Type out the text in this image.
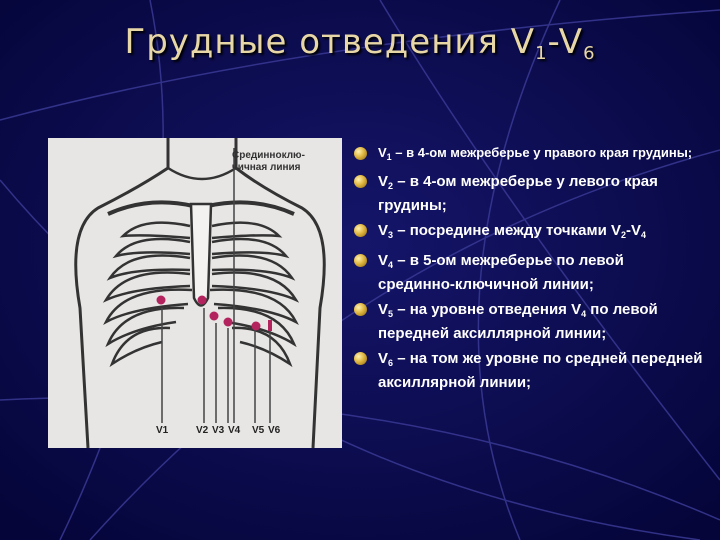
Грудные отведения $V_1-V_6$
Срединноклю-чичная линия
V1	V2 V3 V4 V5 V6
$V_1$ – в 4-ом межреберье у правого края грудины;
$V_2$ – в 4-ом межреберье у левого края грудины;
$V_3$ – посредине между точками $V_2-V_4$
$V_4$ – в 5-ом межреберье по левой срединно-ключичной линии;
$V_5$ – на уровне отведения $V_4$ по левой передней аксиллярной линии;
$V_6$ – на том же уровне по средней передней аксиллярной линии;
